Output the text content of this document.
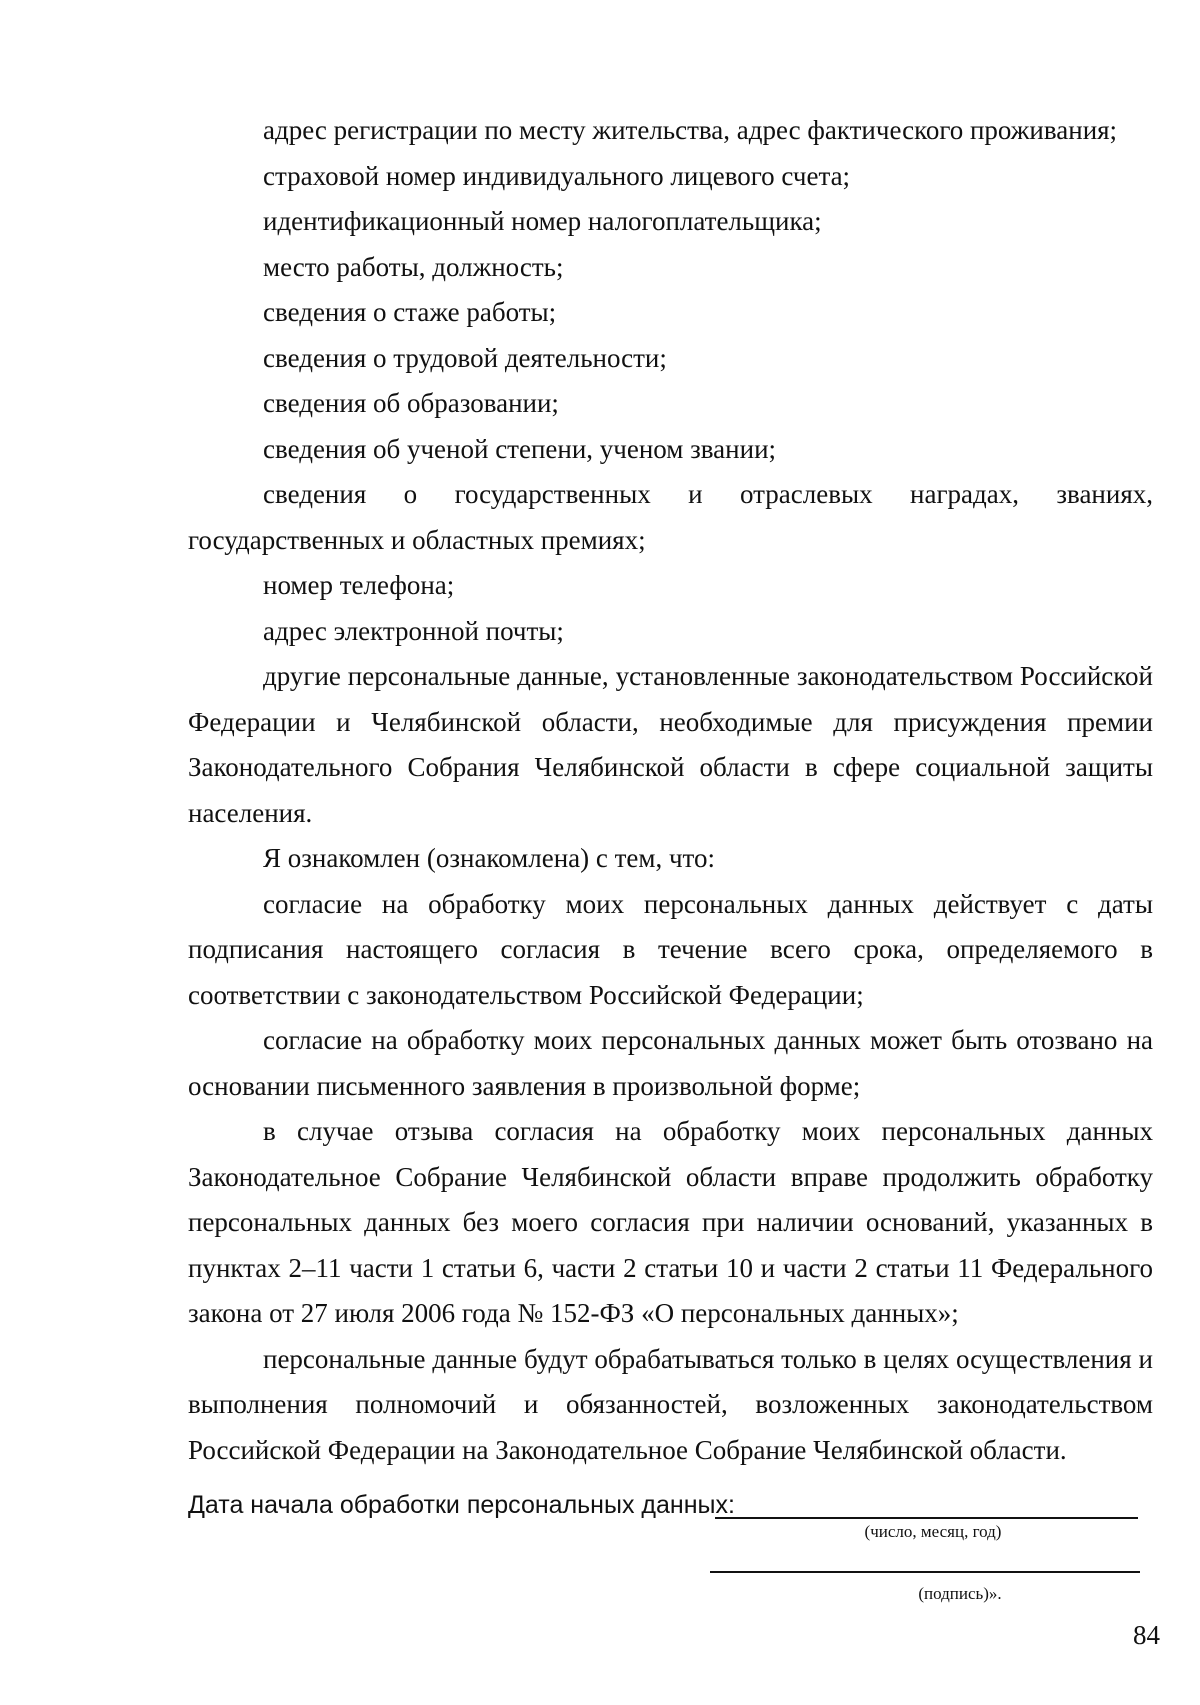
адрес регистрации по месту жительства, адрес фактического проживания;

страховой номер индивидуального лицевого счета;

идентификационный номер налогоплательщика;

место работы, должность;

сведения о стаже работы;

сведения о трудовой деятельности;

сведения об образовании;

сведения об ученой степени, ученом звании;

сведения о государственных и отраслевых наградах, званиях, государственных и областных премиях;

номер телефона;

адрес электронной почты;

другие персональные данные, установленные законодательством Российской Федерации и Челябинской области, необходимые для присуждения премии Законодательного Собрания Челябинской области в сфере социальной защиты населения.

Я ознакомлен (ознакомлена) с тем, что:

согласие на обработку моих персональных данных действует с даты подписания настоящего согласия в течение всего срока, определяемого в соответствии с законодательством Российской Федерации;

согласие на обработку моих персональных данных может быть отозвано на основании письменного заявления в произвольной форме;

в случае отзыва согласия на обработку моих персональных данных Законодательное Собрание Челябинской области вправе продолжить обработку персональных данных без моего согласия при наличии оснований, указанных в пунктах 2–11 части 1 статьи 6, части 2 статьи 10 и части 2 статьи 11 Федерального закона от 27 июля 2006 года № 152-ФЗ «О персональных данных»;

персональные данные будут обрабатываться только в целях осуществления и выполнения полномочий и обязанностей, возложенных законодательством Российской Федерации на Законодательное Собрание Челябинской области.

Дата начала обработки персональных данных:
(число, месяц, год)
(подпись)».
84
